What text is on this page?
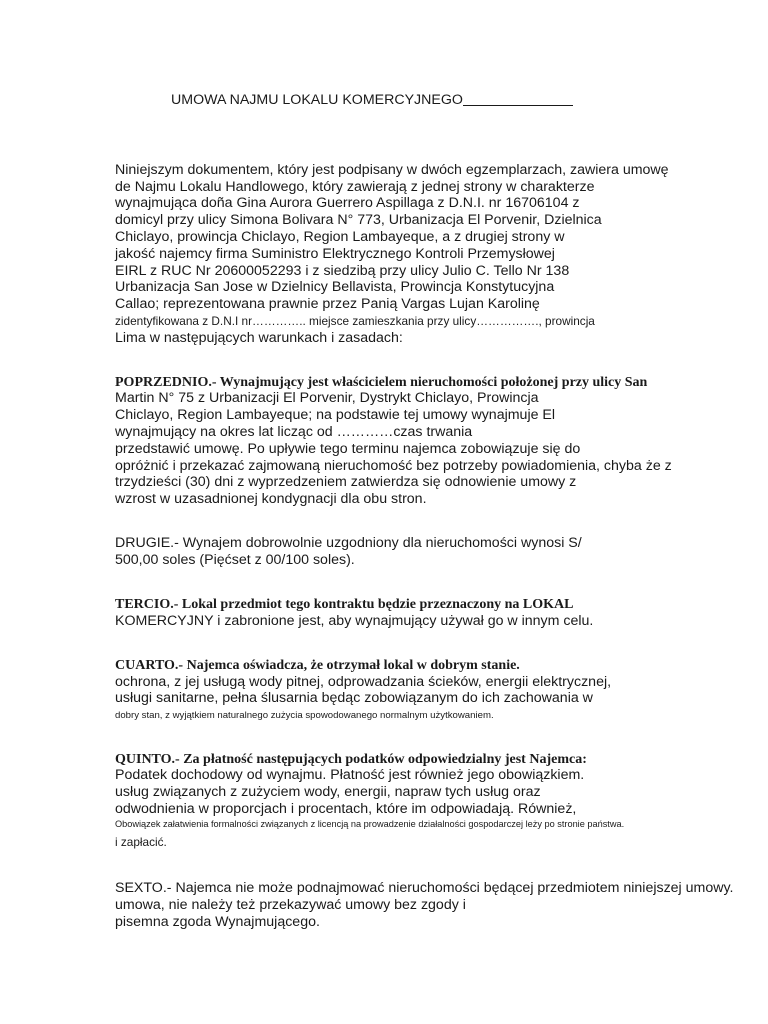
UMOWA NAJMU LOKALU KOMERCYJNEGO

Niniejszym dokumentem, który jest podpisany w dwóch egzemplarzach, zawiera umowę

de Najmu Lokalu Handlowego, który zawierają z jednej strony w charakterze

wynajmująca doña Gina Aurora Guerrero Aspillaga z D.N.I. nr 16706104 z

domicyl przy ulicy Simona Bolivara N° 773, Urbanizacja El Porvenir, Dzielnica

Chiclayo, prowincja Chiclayo, Region Lambayeque, a z drugiej strony w

jakość najemcy firma Suministro Elektrycznego Kontroli Przemysłowej

EIRL z RUC Nr 20600052293 i z siedzibą przy ulicy Julio C. Tello Nr 138

Urbanizacja San Jose w Dzielnicy Bellavista, Prowincja Konstytucyjna

Callao; reprezentowana prawnie przez Panią Vargas Lujan Karolinę

zidentyfikowana z D.N.I nr………….. miejsce zamieszkania przy ulicy……………., prowincja

Lima w następujących warunkach i zasadach:

POPRZEDNIO.- Wynajmujący jest właścicielem nieruchomości położonej przy ulicy San

Martin N° 75 z Urbanizacji El Porvenir, Dystrykt Chiclayo, Prowincja

Chiclayo, Region Lambayeque; na podstawie tej umowy wynajmuje El

wynajmujący na okres lat licząc od …………czas trwania

przedstawić umowę. Po upływie tego terminu najemca zobowiązuje się do

opróżnić i przekazać zajmowaną nieruchomość bez potrzeby powiadomienia, chyba że z

trzydzieści (30) dni z wyprzedzeniem zatwierdza się odnowienie umowy z

wzrost w uzasadnionej kondygnacji dla obu stron.

DRUGIE.- Wynajem dobrowolnie uzgodniony dla nieruchomości wynosi S/

500,00 soles (Pięćset z 00/100 soles).

TERCIO.- Lokal przedmiot tego kontraktu będzie przeznaczony na LOKAL

KOMERCYJNY i zabronione jest, aby wynajmujący używał go w innym celu.

CUARTO.- Najemca oświadcza, że otrzymał lokal w dobrym stanie.

ochrona, z jej usługą wody pitnej, odprowadzania ścieków, energii elektrycznej,

usługi sanitarne, pełna ślusarnia będąc zobowiązanym do ich zachowania w

dobry stan, z wyjątkiem naturalnego zużycia spowodowanego normalnym użytkowaniem.

QUINTO.- Za płatność następujących podatków odpowiedzialny jest Najemca:

Podatek dochodowy od wynajmu. Płatność jest również jego obowiązkiem.

usług związanych z zużyciem wody, energii, napraw tych usług oraz

odwodnienia w proporcjach i procentach, które im odpowiadają. Również,

Obowiązek załatwienia formalności związanych z licencją na prowadzenie działalności gospodarczej leży po stronie państwa.

i zapłacić.

SEXTO.- Najemca nie może podnajmować nieruchomości będącej przedmiotem niniejszej umowy.

umowa, nie należy też przekazywać umowy bez zgody i

pisemna zgoda Wynajmującego.
